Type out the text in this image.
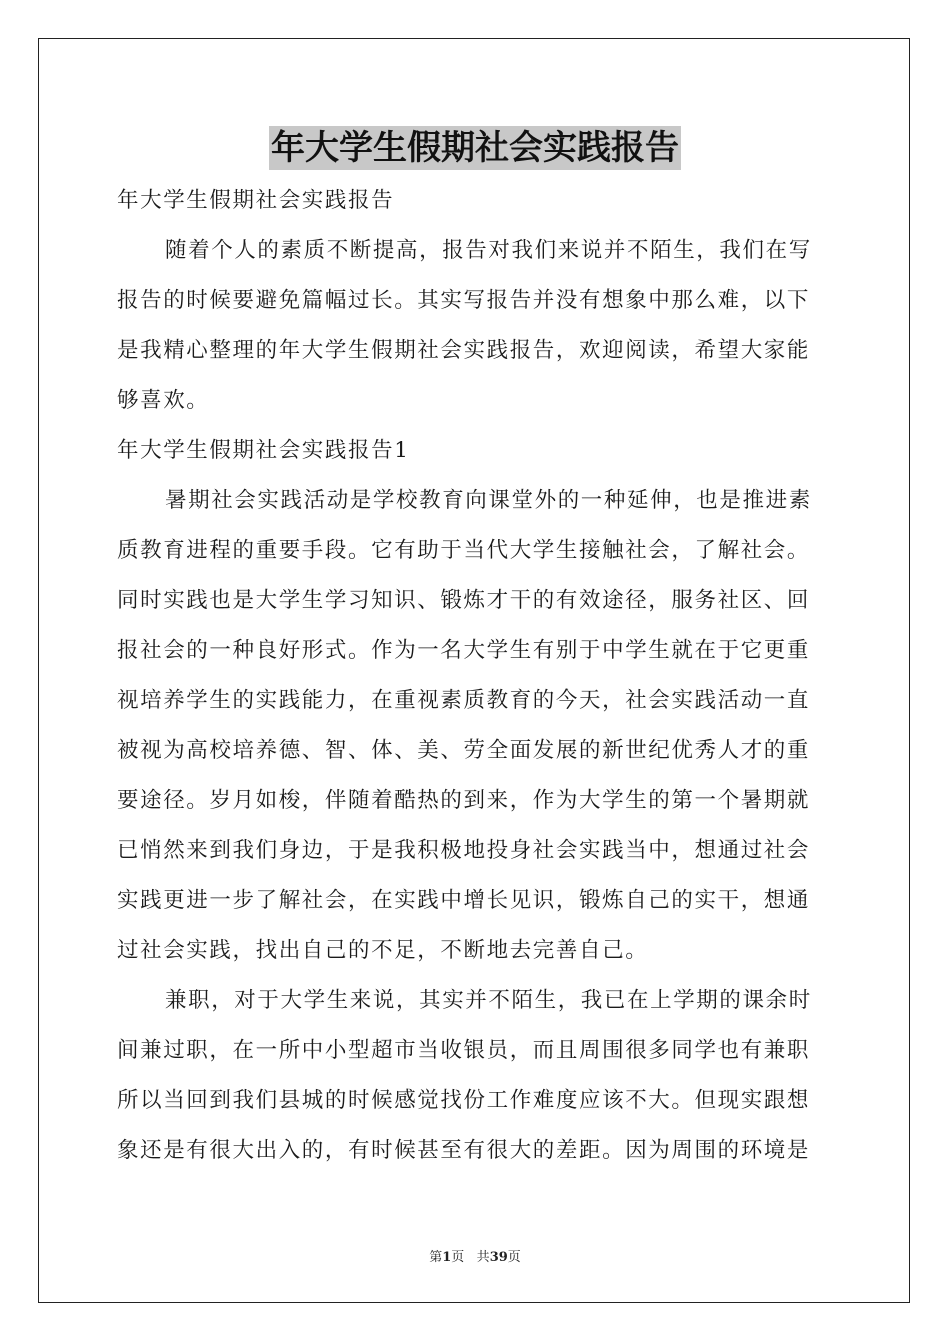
年大学生假期社会实践报告
年大学生假期社会实践报告
随着个人的素质不断提高，报告对我们来说并不陌生，我们在写
报告的时候要避免篇幅过长。其实写报告并没有想象中那么难，以下
是我精心整理的年大学生假期社会实践报告，欢迎阅读，希望大家能
够喜欢。
年大学生假期社会实践报告1
暑期社会实践活动是学校教育向课堂外的一种延伸，也是推进素
质教育进程的重要手段。它有助于当代大学生接触社会，了解社会。
同时实践也是大学生学习知识、锻炼才干的有效途径，服务社区、回
报社会的一种良好形式。作为一名大学生有别于中学生就在于它更重
视培养学生的实践能力，在重视素质教育的今天，社会实践活动一直
被视为高校培养德、智、体、美、劳全面发展的新世纪优秀人才的重
要途径。岁月如梭，伴随着酷热的到来，作为大学生的第一个暑期就
已悄然来到我们身边，于是我积极地投身社会实践当中，想通过社会
实践更进一步了解社会，在实践中增长见识，锻炼自己的实干，想通
过社会实践，找出自己的不足，不断地去完善自己。
兼职，对于大学生来说，其实并不陌生，我已在上学期的课余时
间兼过职，在一所中小型超市当收银员，而且周围很多同学也有兼职
所以当回到我们县城的时候感觉找份工作难度应该不大。但现实跟想
象还是有很大出入的，有时候甚至有很大的差距。因为周围的环境是
第1页 共39页
